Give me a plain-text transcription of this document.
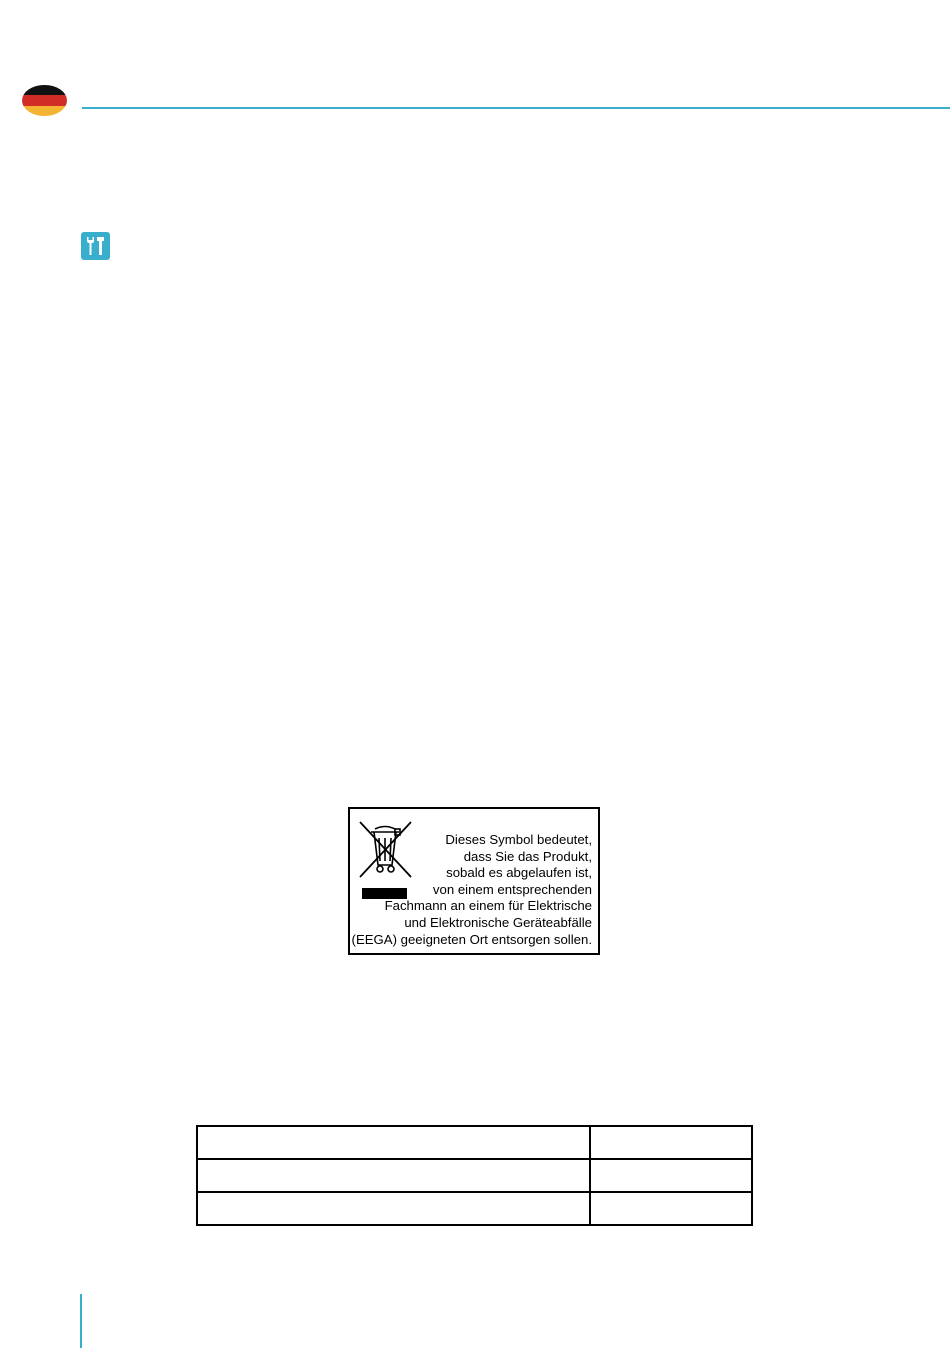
Dieses Symbol bedeutet,
dass Sie das Produkt,
sobald es abgelaufen ist,
von einem entsprechenden
Fachmann an einem für Elektrische
und Elektronische Geräteabfälle
(EEGA) geeigneten Ort entsorgen sollen.
